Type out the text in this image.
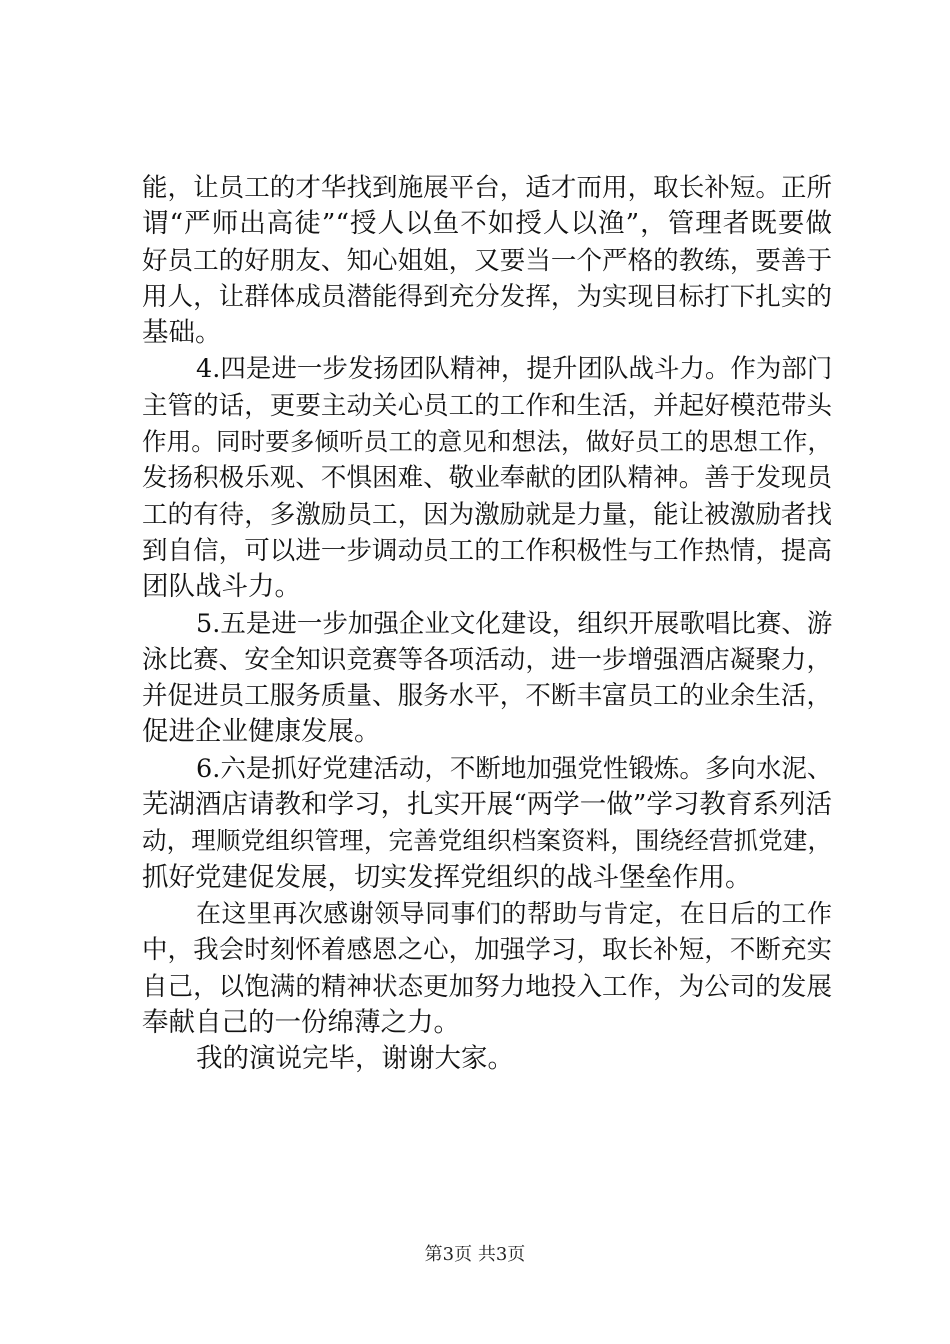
能，让员工的才华找到施展平台，适才而用，取长补短。正所
谓“严师出高徒”“授人以鱼不如授人以渔”，管理者既要做
好员工的好朋友、知心姐姐，又要当一个严格的教练，要善于
用人，让群体成员潜能得到充分发挥，为实现目标打下扎实的
基础。
4.四是进一步发扬团队精神，提升团队战斗力。作为部门
主管的话，更要主动关心员工的工作和生活，并起好模范带头
作用。同时要多倾听员工的意见和想法，做好员工的思想工作，
发扬积极乐观、不惧困难、敬业奉献的团队精神。善于发现员
工的有待，多激励员工，因为激励就是力量，能让被激励者找
到自信，可以进一步调动员工的工作积极性与工作热情，提高
团队战斗力。
5.五是进一步加强企业文化建设，组织开展歌唱比赛、游
泳比赛、安全知识竞赛等各项活动，进一步增强酒店凝聚力，
并促进员工服务质量、服务水平，不断丰富员工的业余生活，
促进企业健康发展。
6.六是抓好党建活动，不断地加强党性锻炼。多向水泥、
芜湖酒店请教和学习，扎实开展“两学一做”学习教育系列活
动，理顺党组织管理，完善党组织档案资料，围绕经营抓党建，
抓好党建促发展，切实发挥党组织的战斗堡垒作用。
在这里再次感谢领导同事们的帮助与肯定，在日后的工作
中，我会时刻怀着感恩之心，加强学习，取长补短，不断充实
自己，以饱满的精神状态更加努力地投入工作，为公司的发展
奉献自己的一份绵薄之力。
我的演说完毕，谢谢大家。
第3页 共3页
